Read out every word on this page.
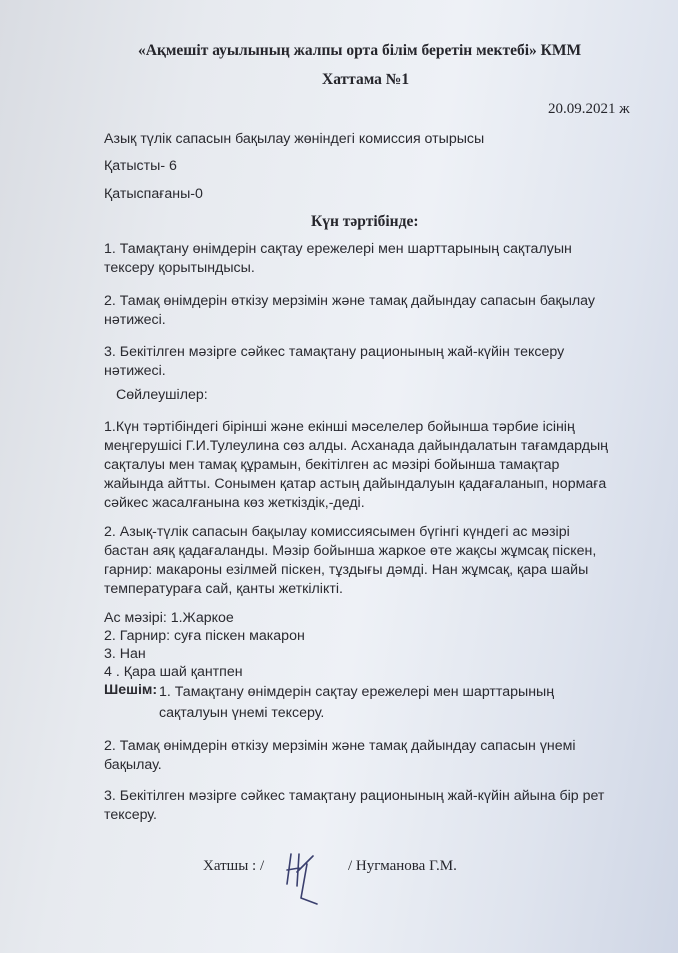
«Ақмешіт ауылының жалпы орта білім беретін мектебі» КММ
Хаттама №1
20.09.2021 ж
Азық түлік сапасын бақылау жөніндегі комиссия отырысы
Қатысты- 6
Қатыспағаны-0
Күн тәртібінде:
1. Тамақтану өнімдерін сақтау ережелері мен шарттарының сақталуын
тексеру қорытындысы.
2. Тамақ өнімдерін өткізу мерзімін және тамақ дайындау сапасын бақылау
нәтижесі.
3. Бекітілген мәзірге сәйкес тамақтану рационының жай-күйін тексеру
нәтижесі.
Сөйлеушілер:
1.Күн тәртібіндегі бірінші және екінші мәселелер бойынша тәрбие ісінің
меңгерушісі Г.И.Тулеулина сөз алды. Асханада дайындалатын тағамдардың
сақталуы мен тамақ құрамын, бекітілген ас мәзірі бойынша тамақтар
жайында айтты. Сонымен қатар астың дайындалуын қадағаланып, нормаға
сәйкес жасалғанына көз жеткіздік,-деді.
2. Азық-түлік сапасын бақылау комиссиясымен бүгінгі күндегі ас мәзірі
бастан аяқ қадағаланды. Мәзір бойынша жаркое өте жақсы жұмсақ піскен,
гарнир: макароны езілмей піскен, тұздығы дәмді. Нан жұмсақ, қара шайы
температураға сай, қанты жеткілікті.
Ас мәзірі: 1.Жаркое
2. Гарнир: суға піскен макарон
3. Нан
4 . Қара шай қантпен
Шешім: 1. Тамақтану өнімдерін сақтау ережелері мен шарттарының
сақталуын үнемі тексеру.
2. Тамақ өнімдерін өткізу мерзімін және тамақ дайындау сапасын үнемі
бақылау.
3. Бекітілген мәзірге сәйкес тамақтану рационының жай-күйін айына бір рет
тексеру.
Хатшы : /	/ Нугманова Г.М.
